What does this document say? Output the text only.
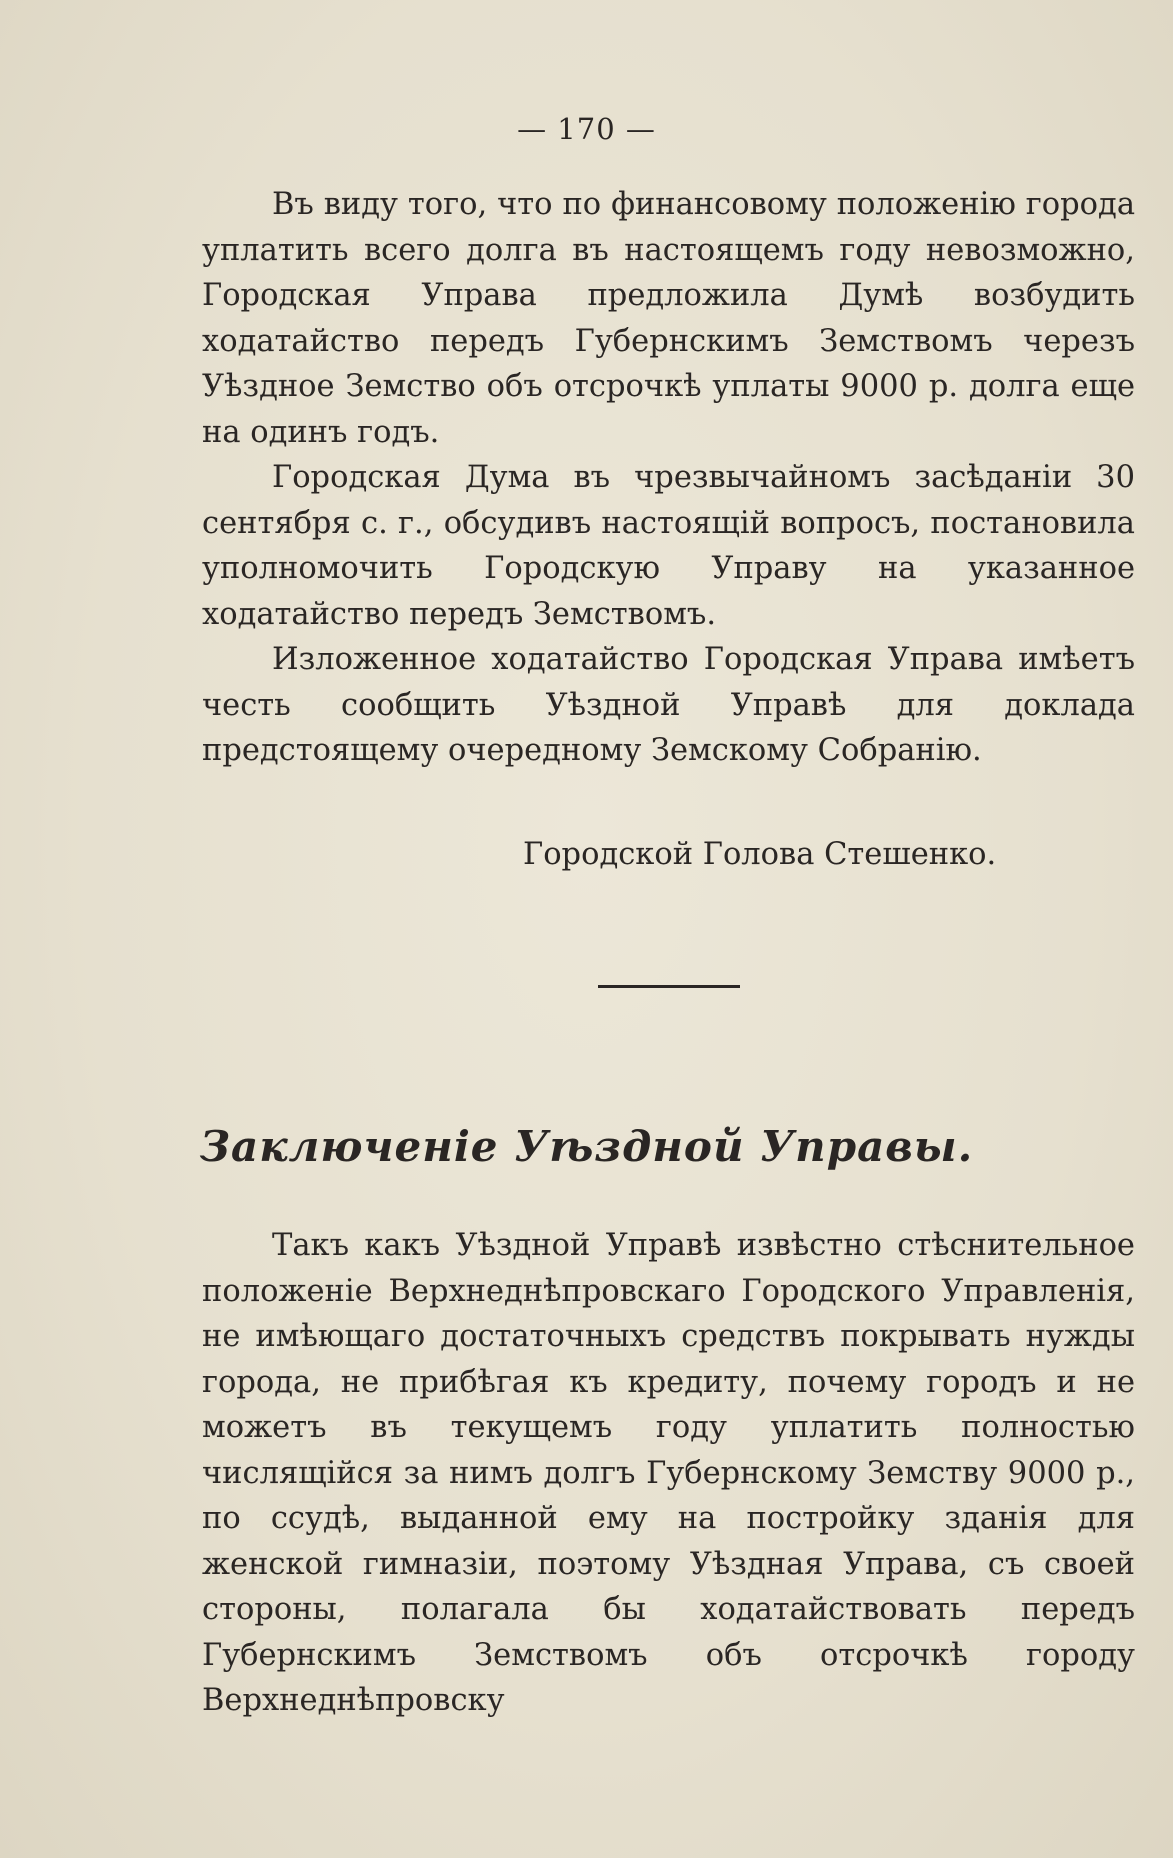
— 170 —

Въ виду того, что по финансовому положенію города уплатить всего долга въ настоящемъ году невозможно, Городская Управа предложила Думѣ возбудить ходатайство передъ Губернскимъ Земствомъ черезъ Уѣздное Земство объ отсрочкѣ уплаты 9000 р. долга еще на одинъ годъ.

Городская Дума въ чрезвычайномъ засѣданіи 30 сентября с. г., обсудивъ настоящій вопросъ, постановила уполномочить Городскую Управу на указанное ходатайство передъ Земствомъ.

Изложенное ходатайство Городская Управа имѣетъ честь сообщить Уѣздной Управѣ для доклада предстоящему очередному Земскому Собранію.

Городской Голова Стешенко.
Заключеніе Уѣздной Управы.

Такъ какъ Уѣздной Управѣ извѣстно стѣснительное положеніе Верхнеднѣпровскаго Городского Управленія, не имѣющаго достаточныхъ средствъ покрывать нужды города, не прибѣгая къ кредиту, почему городъ и не можетъ въ текущемъ году уплатить полностью числящійся за нимъ долгъ Губернскому Земству 9000 р., по ссудѣ, выданной ему на постройку зданія для женской гимназіи, поэтому Уѣздная Управа, съ своей стороны, полагала бы ходатайствовать передъ Губернскимъ Земствомъ объ отсрочкѣ городу Верхнеднѣпровску
